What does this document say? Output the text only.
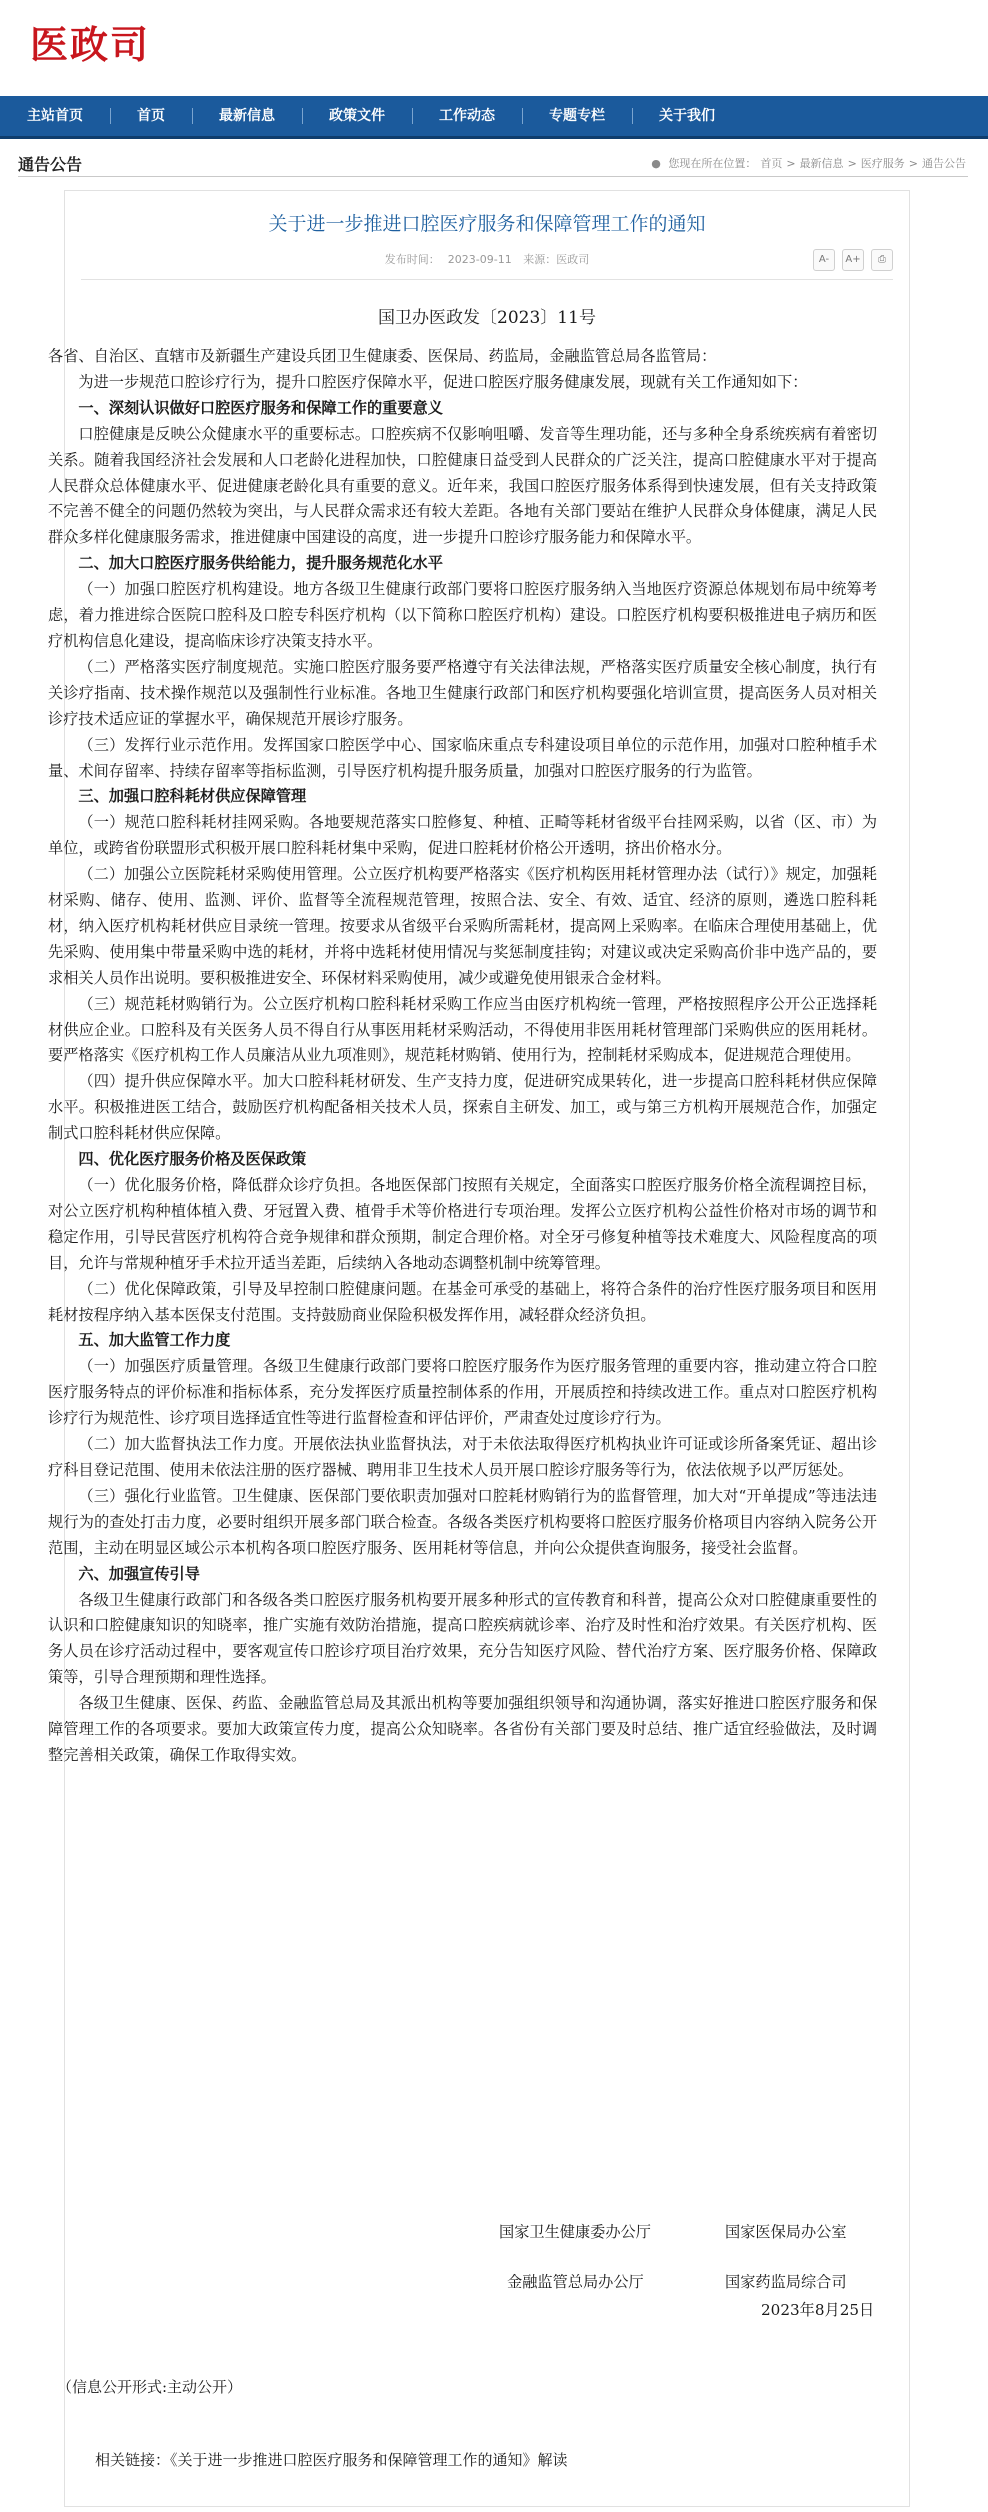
医政司
主站首页	首页	最新信息	政策文件	工作动态	专题专栏	关于我们
通告公告	● 您现在所在位置： 首页 > 最新信息 > 医疗服务 > 通告公告
关于进一步推进口腔医疗服务和保障管理工作的通知
发布时间： 2023-09-11 来源：医政司	A-	A+	⎙
国卫办医政发〔2023〕11号

各省、自治区、直辖市及新疆生产建设兵团卫生健康委、医保局、药监局，金融监管总局各监管局：

为进一步规范口腔诊疗行为，提升口腔医疗保障水平，促进口腔医疗服务健康发展，现就有关工作通知如下：

一、深刻认识做好口腔医疗服务和保障工作的重要意义

口腔健康是反映公众健康水平的重要标志。口腔疾病不仅影响咀嚼、发音等生理功能，还与多种全身系统疾病有着密切关系。随着我国经济社会发展和人口老龄化进程加快，口腔健康日益受到人民群众的广泛关注，提高口腔健康水平对于提高人民群众总体健康水平、促进健康老龄化具有重要的意义。近年来，我国口腔医疗服务体系得到快速发展，但有关支持政策不完善不健全的问题仍然较为突出，与人民群众需求还有较大差距。各地有关部门要站在维护人民群众身体健康，满足人民群众多样化健康服务需求，推进健康中国建设的高度，进一步提升口腔诊疗服务能力和保障水平。

二、加大口腔医疗服务供给能力，提升服务规范化水平

（一）加强口腔医疗机构建设。地方各级卫生健康行政部门要将口腔医疗服务纳入当地医疗资源总体规划布局中统筹考虑，着力推进综合医院口腔科及口腔专科医疗机构（以下简称口腔医疗机构）建设。口腔医疗机构要积极推进电子病历和医疗机构信息化建设，提高临床诊疗决策支持水平。

（二）严格落实医疗制度规范。实施口腔医疗服务要严格遵守有关法律法规，严格落实医疗质量安全核心制度，执行有关诊疗指南、技术操作规范以及强制性行业标准。各地卫生健康行政部门和医疗机构要强化培训宣贯，提高医务人员对相关诊疗技术适应证的掌握水平，确保规范开展诊疗服务。

（三）发挥行业示范作用。发挥国家口腔医学中心、国家临床重点专科建设项目单位的示范作用，加强对口腔种植手术量、术间存留率、持续存留率等指标监测，引导医疗机构提升服务质量，加强对口腔医疗服务的行为监管。

三、加强口腔科耗材供应保障管理

（一）规范口腔科耗材挂网采购。各地要规范落实口腔修复、种植、正畸等耗材省级平台挂网采购，以省（区、市）为单位，或跨省份联盟形式积极开展口腔科耗材集中采购，促进口腔耗材价格公开透明，挤出价格水分。

（二）加强公立医院耗材采购使用管理。公立医疗机构要严格落实《医疗机构医用耗材管理办法（试行）》规定，加强耗材采购、储存、使用、监测、评价、监督等全流程规范管理，按照合法、安全、有效、适宜、经济的原则，遴选口腔科耗材，纳入医疗机构耗材供应目录统一管理。按要求从省级平台采购所需耗材，提高网上采购率。在临床合理使用基础上，优先采购、使用集中带量采购中选的耗材，并将中选耗材使用情况与奖惩制度挂钩；对建议或决定采购高价非中选产品的，要求相关人员作出说明。要积极推进安全、环保材料采购使用，减少或避免使用银汞合金材料。

（三）规范耗材购销行为。公立医疗机构口腔科耗材采购工作应当由医疗机构统一管理，严格按照程序公开公正选择耗材供应企业。口腔科及有关医务人员不得自行从事医用耗材采购活动，不得使用非医用耗材管理部门采购供应的医用耗材。要严格落实《医疗机构工作人员廉洁从业九项准则》，规范耗材购销、使用行为，控制耗材采购成本，促进规范合理使用。

（四）提升供应保障水平。加大口腔科耗材研发、生产支持力度，促进研究成果转化，进一步提高口腔科耗材供应保障水平。积极推进医工结合，鼓励医疗机构配备相关技术人员，探索自主研发、加工，或与第三方机构开展规范合作，加强定制式口腔科耗材供应保障。

四、优化医疗服务价格及医保政策

（一）优化服务价格，降低群众诊疗负担。各地医保部门按照有关规定，全面落实口腔医疗服务价格全流程调控目标，对公立医疗机构种植体植入费、牙冠置入费、植骨手术等价格进行专项治理。发挥公立医疗机构公益性价格对市场的调节和稳定作用，引导民营医疗机构符合竞争规律和群众预期，制定合理价格。对全牙弓修复种植等技术难度大、风险程度高的项目，允许与常规种植牙手术拉开适当差距，后续纳入各地动态调整机制中统筹管理。

（二）优化保障政策，引导及早控制口腔健康问题。在基金可承受的基础上，将符合条件的治疗性医疗服务项目和医用耗材按程序纳入基本医保支付范围。支持鼓励商业保险积极发挥作用，减轻群众经济负担。

五、加大监管工作力度

（一）加强医疗质量管理。各级卫生健康行政部门要将口腔医疗服务作为医疗服务管理的重要内容，推动建立符合口腔医疗服务特点的评价标准和指标体系，充分发挥医疗质量控制体系的作用，开展质控和持续改进工作。重点对口腔医疗机构诊疗行为规范性、诊疗项目选择适宜性等进行监督检查和评估评价，严肃查处过度诊疗行为。

（二）加大监督执法工作力度。开展依法执业监督执法，对于未依法取得医疗机构执业许可证或诊所备案凭证、超出诊疗科目登记范围、使用未依法注册的医疗器械、聘用非卫生技术人员开展口腔诊疗服务等行为，依法依规予以严厉惩处。

（三）强化行业监管。卫生健康、医保部门要依职责加强对口腔耗材购销行为的监督管理，加大对“开单提成”等违法违规行为的查处打击力度，必要时组织开展多部门联合检查。各级各类医疗机构要将口腔医疗服务价格项目内容纳入院务公开范围，主动在明显区域公示本机构各项口腔医疗服务、医用耗材等信息，并向公众提供查询服务，接受社会监督。

六、加强宣传引导

各级卫生健康行政部门和各级各类口腔医疗服务机构要开展多种形式的宣传教育和科普，提高公众对口腔健康重要性的认识和口腔健康知识的知晓率，推广实施有效防治措施，提高口腔疾病就诊率、治疗及时性和治疗效果。有关医疗机构、医务人员在诊疗活动过程中，要客观宣传口腔诊疗项目治疗效果，充分告知医疗风险、替代治疗方案、医疗服务价格、保障政策等，引导合理预期和理性选择。

各级卫生健康、医保、药监、金融监管总局及其派出机构等要加强组织领导和沟通协调，落实好推进口腔医疗服务和保障管理工作的各项要求。要加大政策宣传力度，提高公众知晓率。各省份有关部门要及时总结、推广适宜经验做法，及时调整完善相关政策，确保工作取得实效。

国家卫生健康委办公厅	国家医保局办公室
金融监管总局办公厅	国家药监局综合司
2023年8月25日
（信息公开形式:主动公开）
相关链接：《关于进一步推进口腔医疗服务和保障管理工作的通知》解读
